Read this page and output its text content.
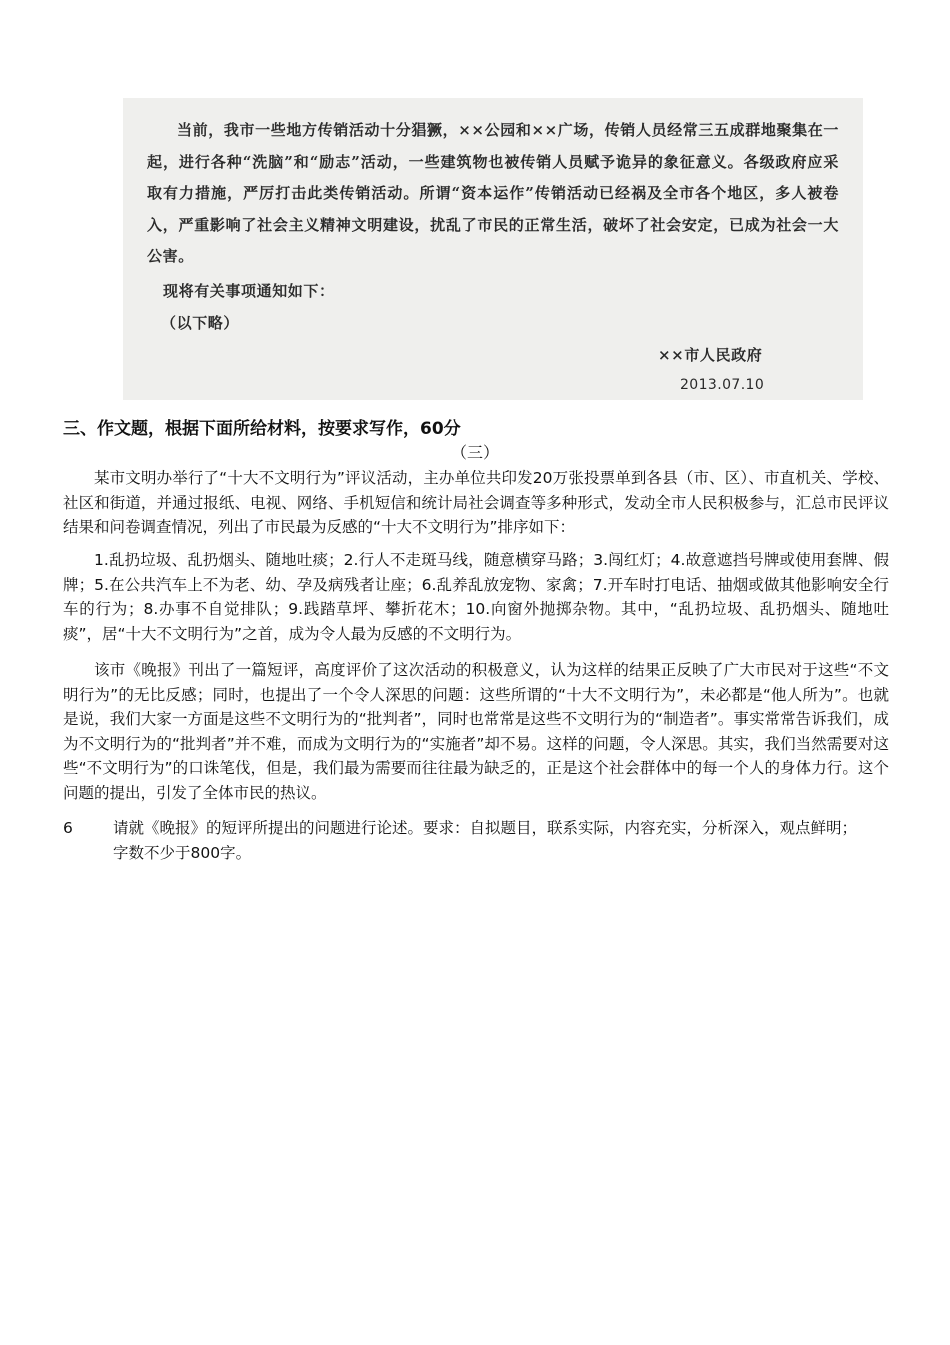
当前，我市一些地方传销活动十分猖獗，××公园和××广场，传销人员经常三五成群地聚集在一起，进行各种“洗脑”和“励志”活动，一些建筑物也被传销人员赋予诡异的象征意义。各级政府应采取有力措施，严厉打击此类传销活动。所谓“资本运作”传销活动已经祸及全市各个地区，多人被卷入，严重影响了社会主义精神文明建设，扰乱了市民的正常生活，破坏了社会安定，已成为社会一大公害。

现将有关事项通知如下：

（以下略）

××市人民政府

2013.07.10

三、作文题，根据下面所给材料，按要求写作，60分

（三）

某市文明办举行了“十大不文明行为”评议活动，主办单位共印发20万张投票单到各县（市、区）、市直机关、学校、社区和街道，并通过报纸、电视、网络、手机短信和统计局社会调查等多种形式，发动全市人民积极参与，汇总市民评议结果和问卷调查情况，列出了市民最为反感的“十大不文明行为”排序如下：

1.乱扔垃圾、乱扔烟头、随地吐痰；2.行人不走斑马线，随意横穿马路；3.闯红灯；4.故意遮挡号牌或使用套牌、假牌；5.在公共汽车上不为老、幼、孕及病残者让座；6.乱养乱放宠物、家禽；7.开车时打电话、抽烟或做其他影响安全行车的行为；8.办事不自觉排队；9.践踏草坪、攀折花木；10.向窗外抛掷杂物。其中，“乱扔垃圾、乱扔烟头、随地吐痰”，居“十大不文明行为”之首，成为令人最为反感的不文明行为。

该市《晚报》刊出了一篇短评，高度评价了这次活动的积极意义，认为这样的结果正反映了广大市民对于这些“不文明行为”的无比反感；同时，也提出了一个令人深思的问题：这些所谓的“十大不文明行为”，未必都是“他人所为”。也就是说，我们大家一方面是这些不文明行为的“批判者”，同时也常常是这些不文明行为的“制造者”。事实常常告诉我们，成为不文明行为的“批判者”并不难，而成为文明行为的“实施者”却不易。这样的问题，令人深思。其实，我们当然需要对这些“不文明行为”的口诛笔伐，但是，我们最为需要而往往最为缺乏的，正是这个社会群体中的每一个人的身体力行。这个问题的提出，引发了全体市民的热议。

6	请就《晚报》的短评所提出的问题进行论述。要求：自拟题目，联系实际，内容充实，分析深入，观点鲜明；字数不少于800字。
